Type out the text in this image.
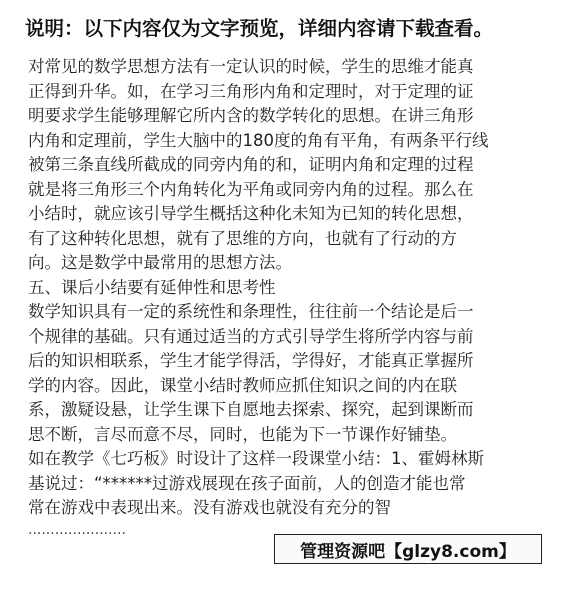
说明：以下内容仅为文字预览，详细内容请下载查看。
对常见的数学思想方法有一定认识的时候，学生的思维才能真
正得到升华。如，在学习三角形内角和定理时，对于定理的证
明要求学生能够理解它所内含的数学转化的思想。在讲三角形
内角和定理前，学生大脑中的180度的角有平角，有两条平行线
被第三条直线所截成的同旁内角的和，证明内角和定理的过程
就是将三角形三个内角转化为平角或同旁内角的过程。那么在
小结时，就应该引导学生概括这种化未知为已知的转化思想，
有了这种转化思想，就有了思维的方向，也就有了行动的方
向。这是数学中最常用的思想方法。
五、课后小结要有延伸性和思考性
数学知识具有一定的系统性和条理性，往往前一个结论是后一
个规律的基础。只有通过适当的方式引导学生将所学内容与前
后的知识相联系，学生才能学得活，学得好，才能真正掌握所
学的内容。因此，课堂小结时教师应抓住知识之间的内在联
系，激疑设悬，让学生课下自愿地去探索、探究，起到课断而
思不断，言尽而意不尽，同时，也能为下一节课作好铺垫。
如在教学《七巧板》时设计了这样一段课堂小结：1、霍姆林斯
基说过：“******过游戏展现在孩子面前，人的创造才能也常
常在游戏中表现出来。没有游戏也就没有充分的智
······················
管理资源吧【glzy8.com】
